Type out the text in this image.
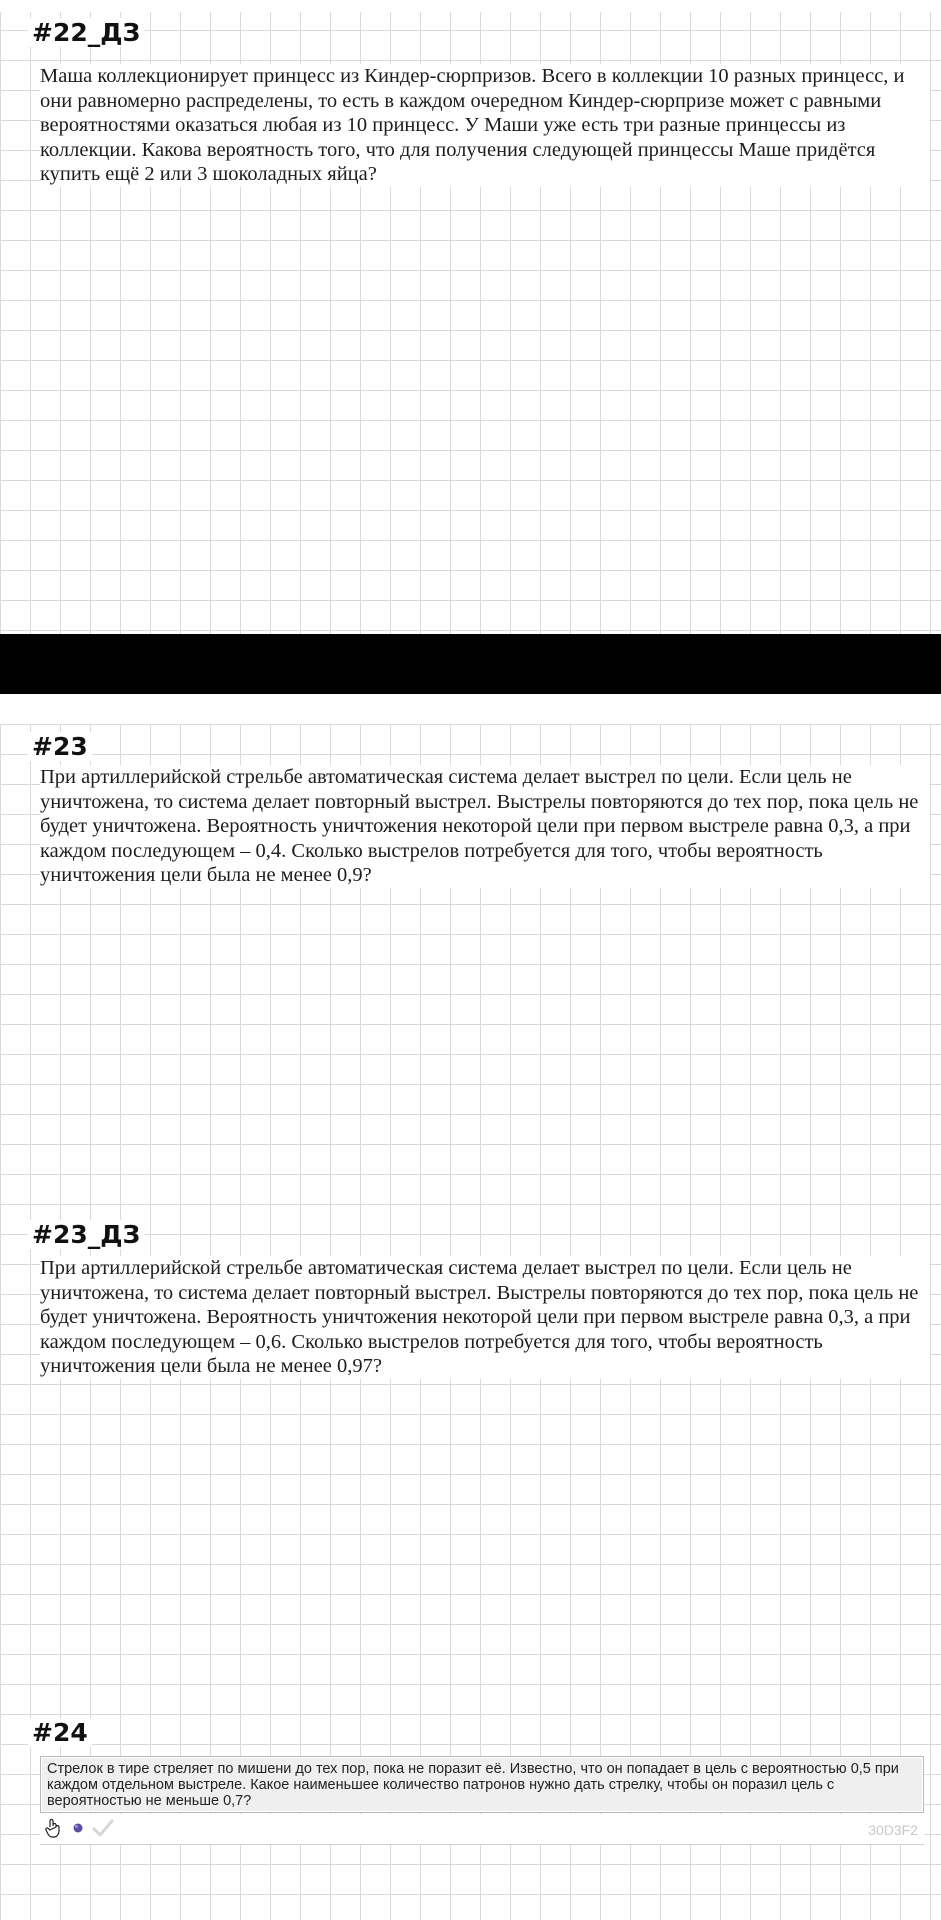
#22_ДЗ
Маша коллекционирует принцесс из Киндер-сюрпризов. Всего в коллекции 10 разных принцесс, и они равномерно распределены, то есть в каждом очередном Киндер-сюрпризе может с равными вероятностями оказаться любая из 10 принцесс. У Маши уже есть три разные принцессы из коллекции. Какова вероятность того, что для получения следующей принцессы Маше придётся купить ещё 2 или 3 шоколадных яйца?
#23
При артиллерийской стрельбе автоматическая система делает выстрел по цели. Если цель не уничтожена, то система делает повторный выстрел. Выстрелы повторяются до тех пор, пока цель не будет уничтожена. Вероятность уничтожения некоторой цели при первом выстреле равна 0,3, а при каждом последующем – 0,4. Сколько выстрелов потребуется для того, чтобы вероятность уничтожения цели была не менее 0,9?
#23_ДЗ
При артиллерийской стрельбе автоматическая система делает выстрел по цели. Если цель не уничтожена, то система делает повторный выстрел. Выстрелы повторяются до тех пор, пока цель не будет уничтожена. Вероятность уничтожения некоторой цели при первом выстреле равна 0,3, а при каждом последующем – 0,6. Сколько выстрелов потребуется для того, чтобы вероятность уничтожения цели была не менее 0,97?
#24
Стрелок в тире стреляет по мишени до тех пор, пока не поразит её. Известно, что он попадает в цель с вероятностью 0,5 при каждом отдельном выстреле. Какое наименьшее количество патронов нужно дать стрелку, чтобы он поразил цель с вероятностью не меньше 0,7?
30D3F2
